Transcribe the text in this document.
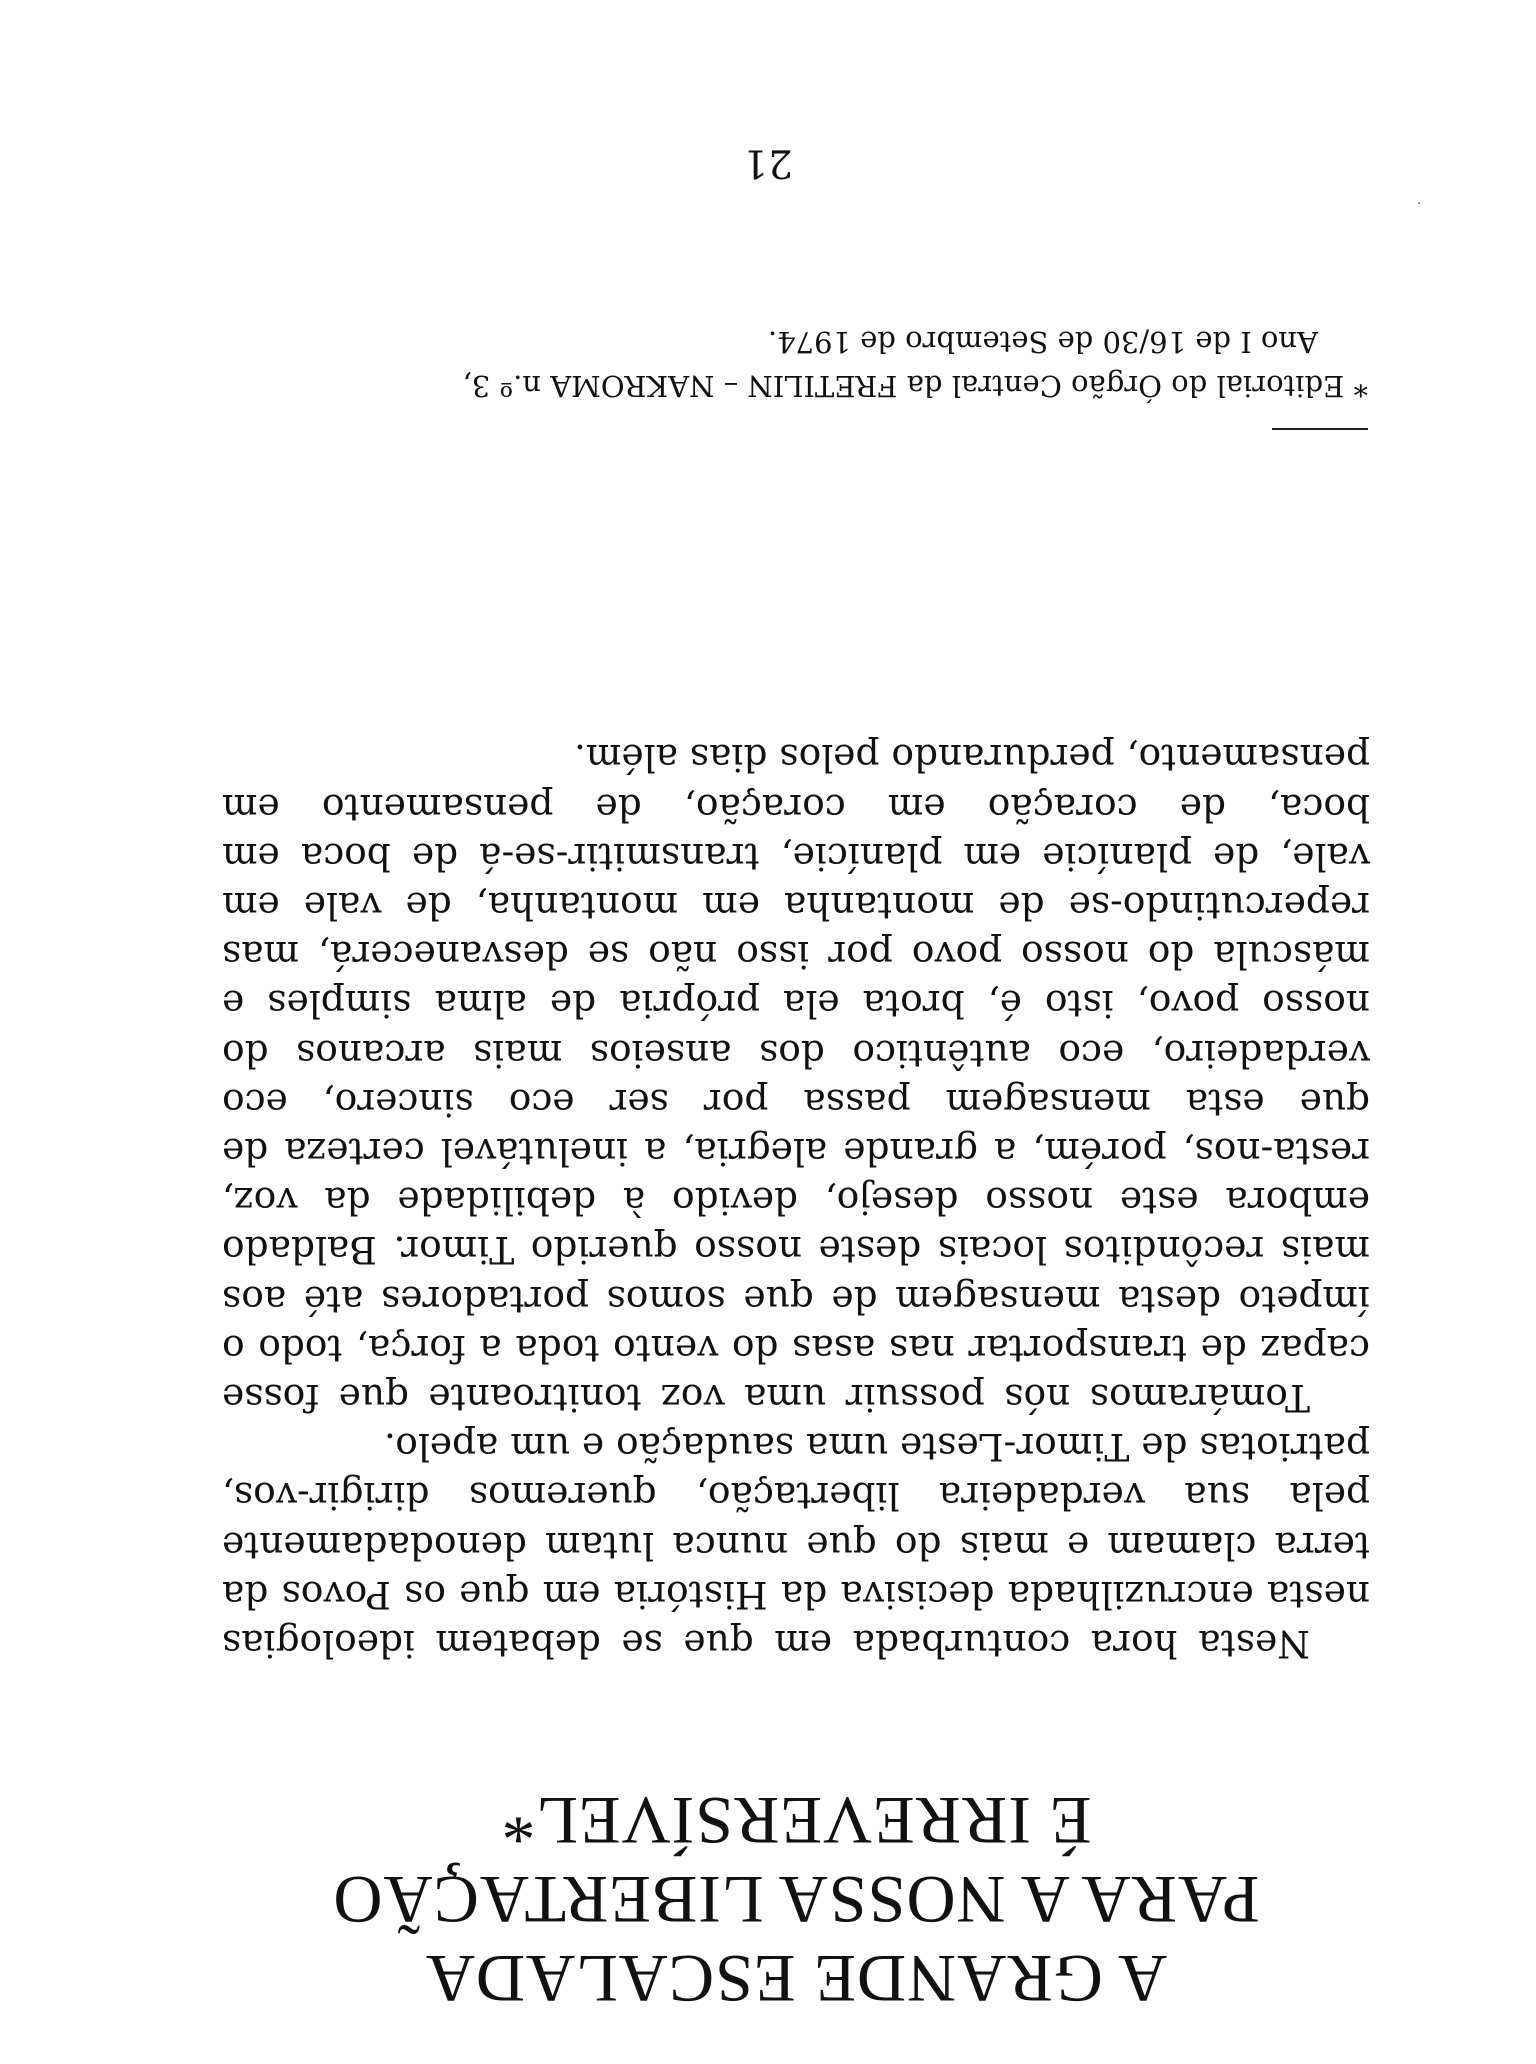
A GRANDE ESCALADA
PARA A NOSSA LIBERTAÇÃO
É IRREVERSÍVEL*

Nesta hora conturbada em que se debatem ideologias nesta encruzilhada decisiva da História em que os Povos da terra clamam e mais do que nunca lutam denodadamente pela sua verdadeira libertação, queremos dirigir-vos, patriotas de Timor-Leste uma saudação e um apelo.

Tomáramos nós possuir uma voz tonitroante que fosse capaz de transportar nas asas do vento toda a força, todo o ímpeto desta mensagem de que somos portadores até aos mais recônditos locais deste nosso querido Timor. Baldado embora este nosso desejo, devido à debilidade da voz, resta-nos, porém, a grande alegria, a inelutável certeza de que esta mensagem passa por ser eco sincero, eco verdadeiro, eco autêntico dos anseios mais arcanos do nosso povo, isto é, brota ela própria de alma simples e máscula do nosso povo por isso não se desvanecerá, mas repercutindo-se de montanha em montanha, de vale em vale, de planície em planície, transmitir-se-á de boca em boca, de coração em coração, de pensamento em pensamento, perdurando pelos dias além.

* Editorial do Órgão Central da FRETILIN – NAKROMA n.º 3,
Ano I de 16/30 de Setembro de 1974.
21
